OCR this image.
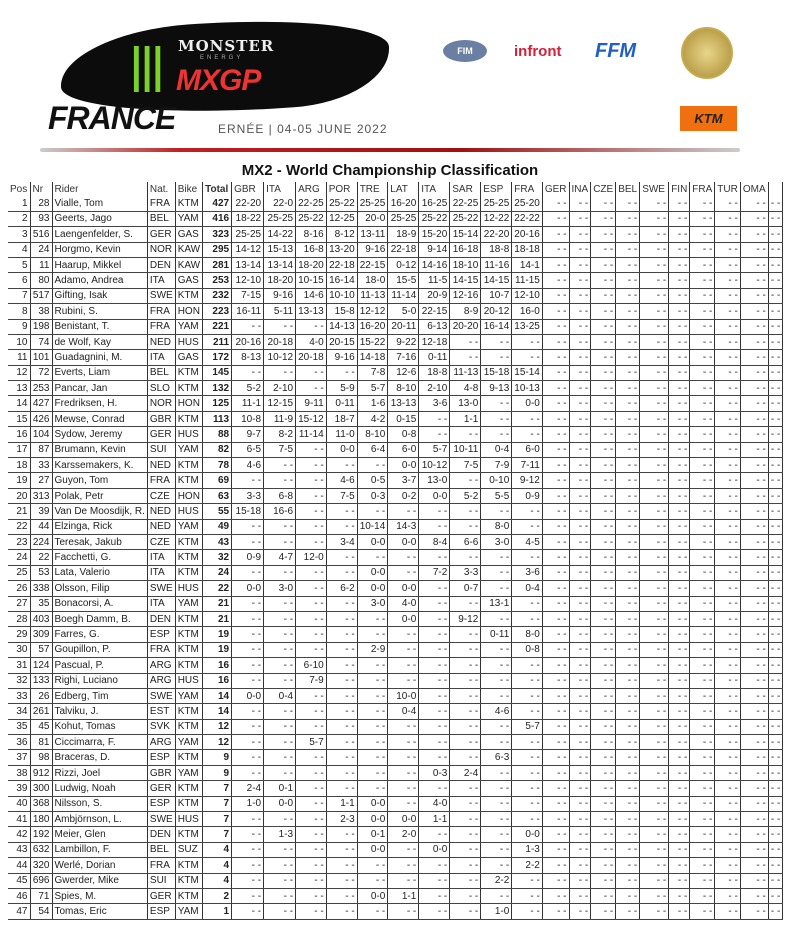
||| MONSTER
ENERGY
MXGP
FRANCE	ERNÉE | 04-05 JUNE 2022
FIM	infront FFM
KTM
MX2 - World Championship Classification
Pos	Nr	Rider	Nat.	Bike	Total	GBR	ITA	ARG	POR	TRE	LAT	ITA	SAR	ESP	FRA	GER	INA	CZE	BEL	SWE	FIN	FRA	TUR	OMA	
1	28	Vialle, Tom	FRA	KTM	427	22-20	22-0	22-25	25-22	25-25	16-20	16-25	22-25	25-25	25-20	- -	- -	- -	- -	- -	- -	- -	- -	- -	- -
2	93	Geerts, Jago	BEL	YAM	416	18-22	25-25	25-22	12-25	20-0	25-25	25-22	25-22	12-22	22-22	- -	- -	- -	- -	- -	- -	- -	- -	- -	- -
3	516	Laengenfelder, S.	GER	GAS	323	25-25	14-22	8-16	8-12	13-11	18-9	15-20	15-14	22-20	20-16	- -	- -	- -	- -	- -	- -	- -	- -	- -	- -
4	24	Horgmo, Kevin	NOR	KAW	295	14-12	15-13	16-8	13-20	9-16	22-18	9-14	16-18	18-8	18-18	- -	- -	- -	- -	- -	- -	- -	- -	- -	- -
5	11	Haarup, Mikkel	DEN	KAW	281	13-14	13-14	18-20	22-18	22-15	0-12	14-16	18-10	11-16	14-1	- -	- -	- -	- -	- -	- -	- -	- -	- -	- -
6	80	Adamo, Andrea	ITA	GAS	253	12-10	18-20	10-15	16-14	18-0	15-5	11-5	14-15	14-15	11-15	- -	- -	- -	- -	- -	- -	- -	- -	- -	- -
7	517	Gifting, Isak	SWE	KTM	232	7-15	9-16	14-6	10-10	11-13	11-14	20-9	12-16	10-7	12-10	- -	- -	- -	- -	- -	- -	- -	- -	- -	- -
8	38	Rubini, S.	FRA	HON	223	16-11	5-11	13-13	15-8	12-12	5-0	22-15	8-9	20-12	16-0	- -	- -	- -	- -	- -	- -	- -	- -	- -	- -
9	198	Benistant, T.	FRA	YAM	221	- -	- -	- -	14-13	16-20	20-11	6-13	20-20	16-14	13-25	- -	- -	- -	- -	- -	- -	- -	- -	- -	- -
10	74	de Wolf, Kay	NED	HUS	211	20-16	20-18	4-0	20-15	15-22	9-22	12-18	- -	- -	- -	- -	- -	- -	- -	- -	- -	- -	- -	- -	- -
11	101	Guadagnini, M.	ITA	GAS	172	8-13	10-12	20-18	9-16	14-18	7-16	0-11	- -	- -	- -	- -	- -	- -	- -	- -	- -	- -	- -	- -	- -
12	72	Everts, Liam	BEL	KTM	145	- -	- -	- -	- -	7-8	12-6	18-8	11-13	15-18	15-14	- -	- -	- -	- -	- -	- -	- -	- -	- -	- -
13	253	Pancar, Jan	SLO	KTM	132	5-2	2-10	- -	5-9	5-7	8-10	2-10	4-8	9-13	10-13	- -	- -	- -	- -	- -	- -	- -	- -	- -	- -
14	427	Fredriksen, H.	NOR	HON	125	11-1	12-15	9-11	0-11	1-6	13-13	3-6	13-0	- -	0-0	- -	- -	- -	- -	- -	- -	- -	- -	- -	- -
15	426	Mewse, Conrad	GBR	KTM	113	10-8	11-9	15-12	18-7	4-2	0-15	- -	1-1	- -	- -	- -	- -	- -	- -	- -	- -	- -	- -	- -	- -
16	104	Sydow, Jeremy	GER	HUS	88	9-7	8-2	11-14	11-0	8-10	0-8	- -	- -	- -	- -	- -	- -	- -	- -	- -	- -	- -	- -	- -	- -
17	87	Brumann, Kevin	SUI	YAM	82	6-5	7-5	- -	0-0	6-4	6-0	5-7	10-11	0-4	6-0	- -	- -	- -	- -	- -	- -	- -	- -	- -	- -
18	33	Karssemakers, K.	NED	KTM	78	4-6	- -	- -	- -	- -	0-0	10-12	7-5	7-9	7-11	- -	- -	- -	- -	- -	- -	- -	- -	- -	- -
19	27	Guyon, Tom	FRA	KTM	69	- -	- -	- -	4-6	0-5	3-7	13-0	- -	0-10	9-12	- -	- -	- -	- -	- -	- -	- -	- -	- -	- -
20	313	Polak, Petr	CZE	HON	63	3-3	6-8	- -	7-5	0-3	0-2	0-0	5-2	5-5	0-9	- -	- -	- -	- -	- -	- -	- -	- -	- -	- -
21	39	Van De Moosdijk, R.	NED	HUS	55	15-18	16-6	- -	- -	- -	- -	- -	- -	- -	- -	- -	- -	- -	- -	- -	- -	- -	- -	- -	- -
22	44	Elzinga, Rick	NED	YAM	49	- -	- -	- -	- -	10-14	14-3	- -	- -	8-0	- -	- -	- -	- -	- -	- -	- -	- -	- -	- -	- -
23	224	Teresak, Jakub	CZE	KTM	43	- -	- -	- -	3-4	0-0	0-0	8-4	6-6	3-0	4-5	- -	- -	- -	- -	- -	- -	- -	- -	- -	- -
24	22	Facchetti, G.	ITA	KTM	32	0-9	4-7	12-0	- -	- -	- -	- -	- -	- -	- -	- -	- -	- -	- -	- -	- -	- -	- -	- -	- -
25	53	Lata, Valerio	ITA	KTM	24	- -	- -	- -	- -	0-0	- -	7-2	3-3	- -	3-6	- -	- -	- -	- -	- -	- -	- -	- -	- -	- -
26	338	Olsson, Filip	SWE	HUS	22	0-0	3-0	- -	6-2	0-0	0-0	- -	0-7	- -	0-4	- -	- -	- -	- -	- -	- -	- -	- -	- -	- -
27	35	Bonacorsi, A.	ITA	YAM	21	- -	- -	- -	- -	3-0	4-0	- -	- -	13-1	- -	- -	- -	- -	- -	- -	- -	- -	- -	- -	- -
28	403	Boegh Damm, B.	DEN	KTM	21	- -	- -	- -	- -	- -	0-0	- -	9-12	- -	- -	- -	- -	- -	- -	- -	- -	- -	- -	- -	- -
29	309	Farres, G.	ESP	KTM	19	- -	- -	- -	- -	- -	- -	- -	- -	0-11	8-0	- -	- -	- -	- -	- -	- -	- -	- -	- -	- -
30	57	Goupillon, P.	FRA	KTM	19	- -	- -	- -	- -	2-9	- -	- -	- -	- -	0-8	- -	- -	- -	- -	- -	- -	- -	- -	- -	- -
31	124	Pascual, P.	ARG	KTM	16	- -	- -	6-10	- -	- -	- -	- -	- -	- -	- -	- -	- -	- -	- -	- -	- -	- -	- -	- -	- -
32	133	Righi, Luciano	ARG	HUS	16	- -	- -	7-9	- -	- -	- -	- -	- -	- -	- -	- -	- -	- -	- -	- -	- -	- -	- -	- -	- -
33	26	Edberg, Tim	SWE	YAM	14	0-0	0-4	- -	- -	- -	10-0	- -	- -	- -	- -	- -	- -	- -	- -	- -	- -	- -	- -	- -	- -
34	261	Talviku, J.	EST	KTM	14	- -	- -	- -	- -	- -	0-4	- -	- -	4-6	- -	- -	- -	- -	- -	- -	- -	- -	- -	- -	- -
35	45	Kohut, Tomas	SVK	KTM	12	- -	- -	- -	- -	- -	- -	- -	- -	- -	5-7	- -	- -	- -	- -	- -	- -	- -	- -	- -	- -
36	81	Ciccimarra, F.	ARG	YAM	12	- -	- -	5-7	- -	- -	- -	- -	- -	- -	- -	- -	- -	- -	- -	- -	- -	- -	- -	- -	- -
37	98	Braceras, D.	ESP	KTM	9	- -	- -	- -	- -	- -	- -	- -	- -	6-3	- -	- -	- -	- -	- -	- -	- -	- -	- -	- -	- -
38	912	Rizzi, Joel	GBR	YAM	9	- -	- -	- -	- -	- -	- -	0-3	2-4	- -	- -	- -	- -	- -	- -	- -	- -	- -	- -	- -	- -
39	300	Ludwig, Noah	GER	KTM	7	2-4	0-1	- -	- -	- -	- -	- -	- -	- -	- -	- -	- -	- -	- -	- -	- -	- -	- -	- -	- -
40	368	Nilsson, S.	ESP	KTM	7	1-0	0-0	- -	1-1	0-0	- -	4-0	- -	- -	- -	- -	- -	- -	- -	- -	- -	- -	- -	- -	- -
41	180	Ambjörnson, L.	SWE	HUS	7	- -	- -	- -	2-3	0-0	0-0	1-1	- -	- -	- -	- -	- -	- -	- -	- -	- -	- -	- -	- -	- -
42	192	Meier, Glen	DEN	KTM	7	- -	1-3	- -	- -	0-1	2-0	- -	- -	- -	0-0	- -	- -	- -	- -	- -	- -	- -	- -	- -	- -
43	632	Lambillon, F.	BEL	SUZ	4	- -	- -	- -	- -	0-0	- -	0-0	- -	- -	1-3	- -	- -	- -	- -	- -	- -	- -	- -	- -	- -
44	320	Werlé, Dorian	FRA	KTM	4	- -	- -	- -	- -	- -	- -	- -	- -	- -	2-2	- -	- -	- -	- -	- -	- -	- -	- -	- -	- -
45	696	Gwerder, Mike	SUI	KTM	4	- -	- -	- -	- -	- -	- -	- -	- -	2-2	- -	- -	- -	- -	- -	- -	- -	- -	- -	- -	- -
46	71	Spies, M.	GER	KTM	2	- -	- -	- -	- -	0-0	1-1	- -	- -	- -	- -	- -	- -	- -	- -	- -	- -	- -	- -	- -	- -
47	54	Tomas, Eric	ESP	YAM	1	- -	- -	- -	- -	- -	- -	- -	- -	1-0	- -	- -	- -	- -	- -	- -	- -	- -	- -	- -	- -
